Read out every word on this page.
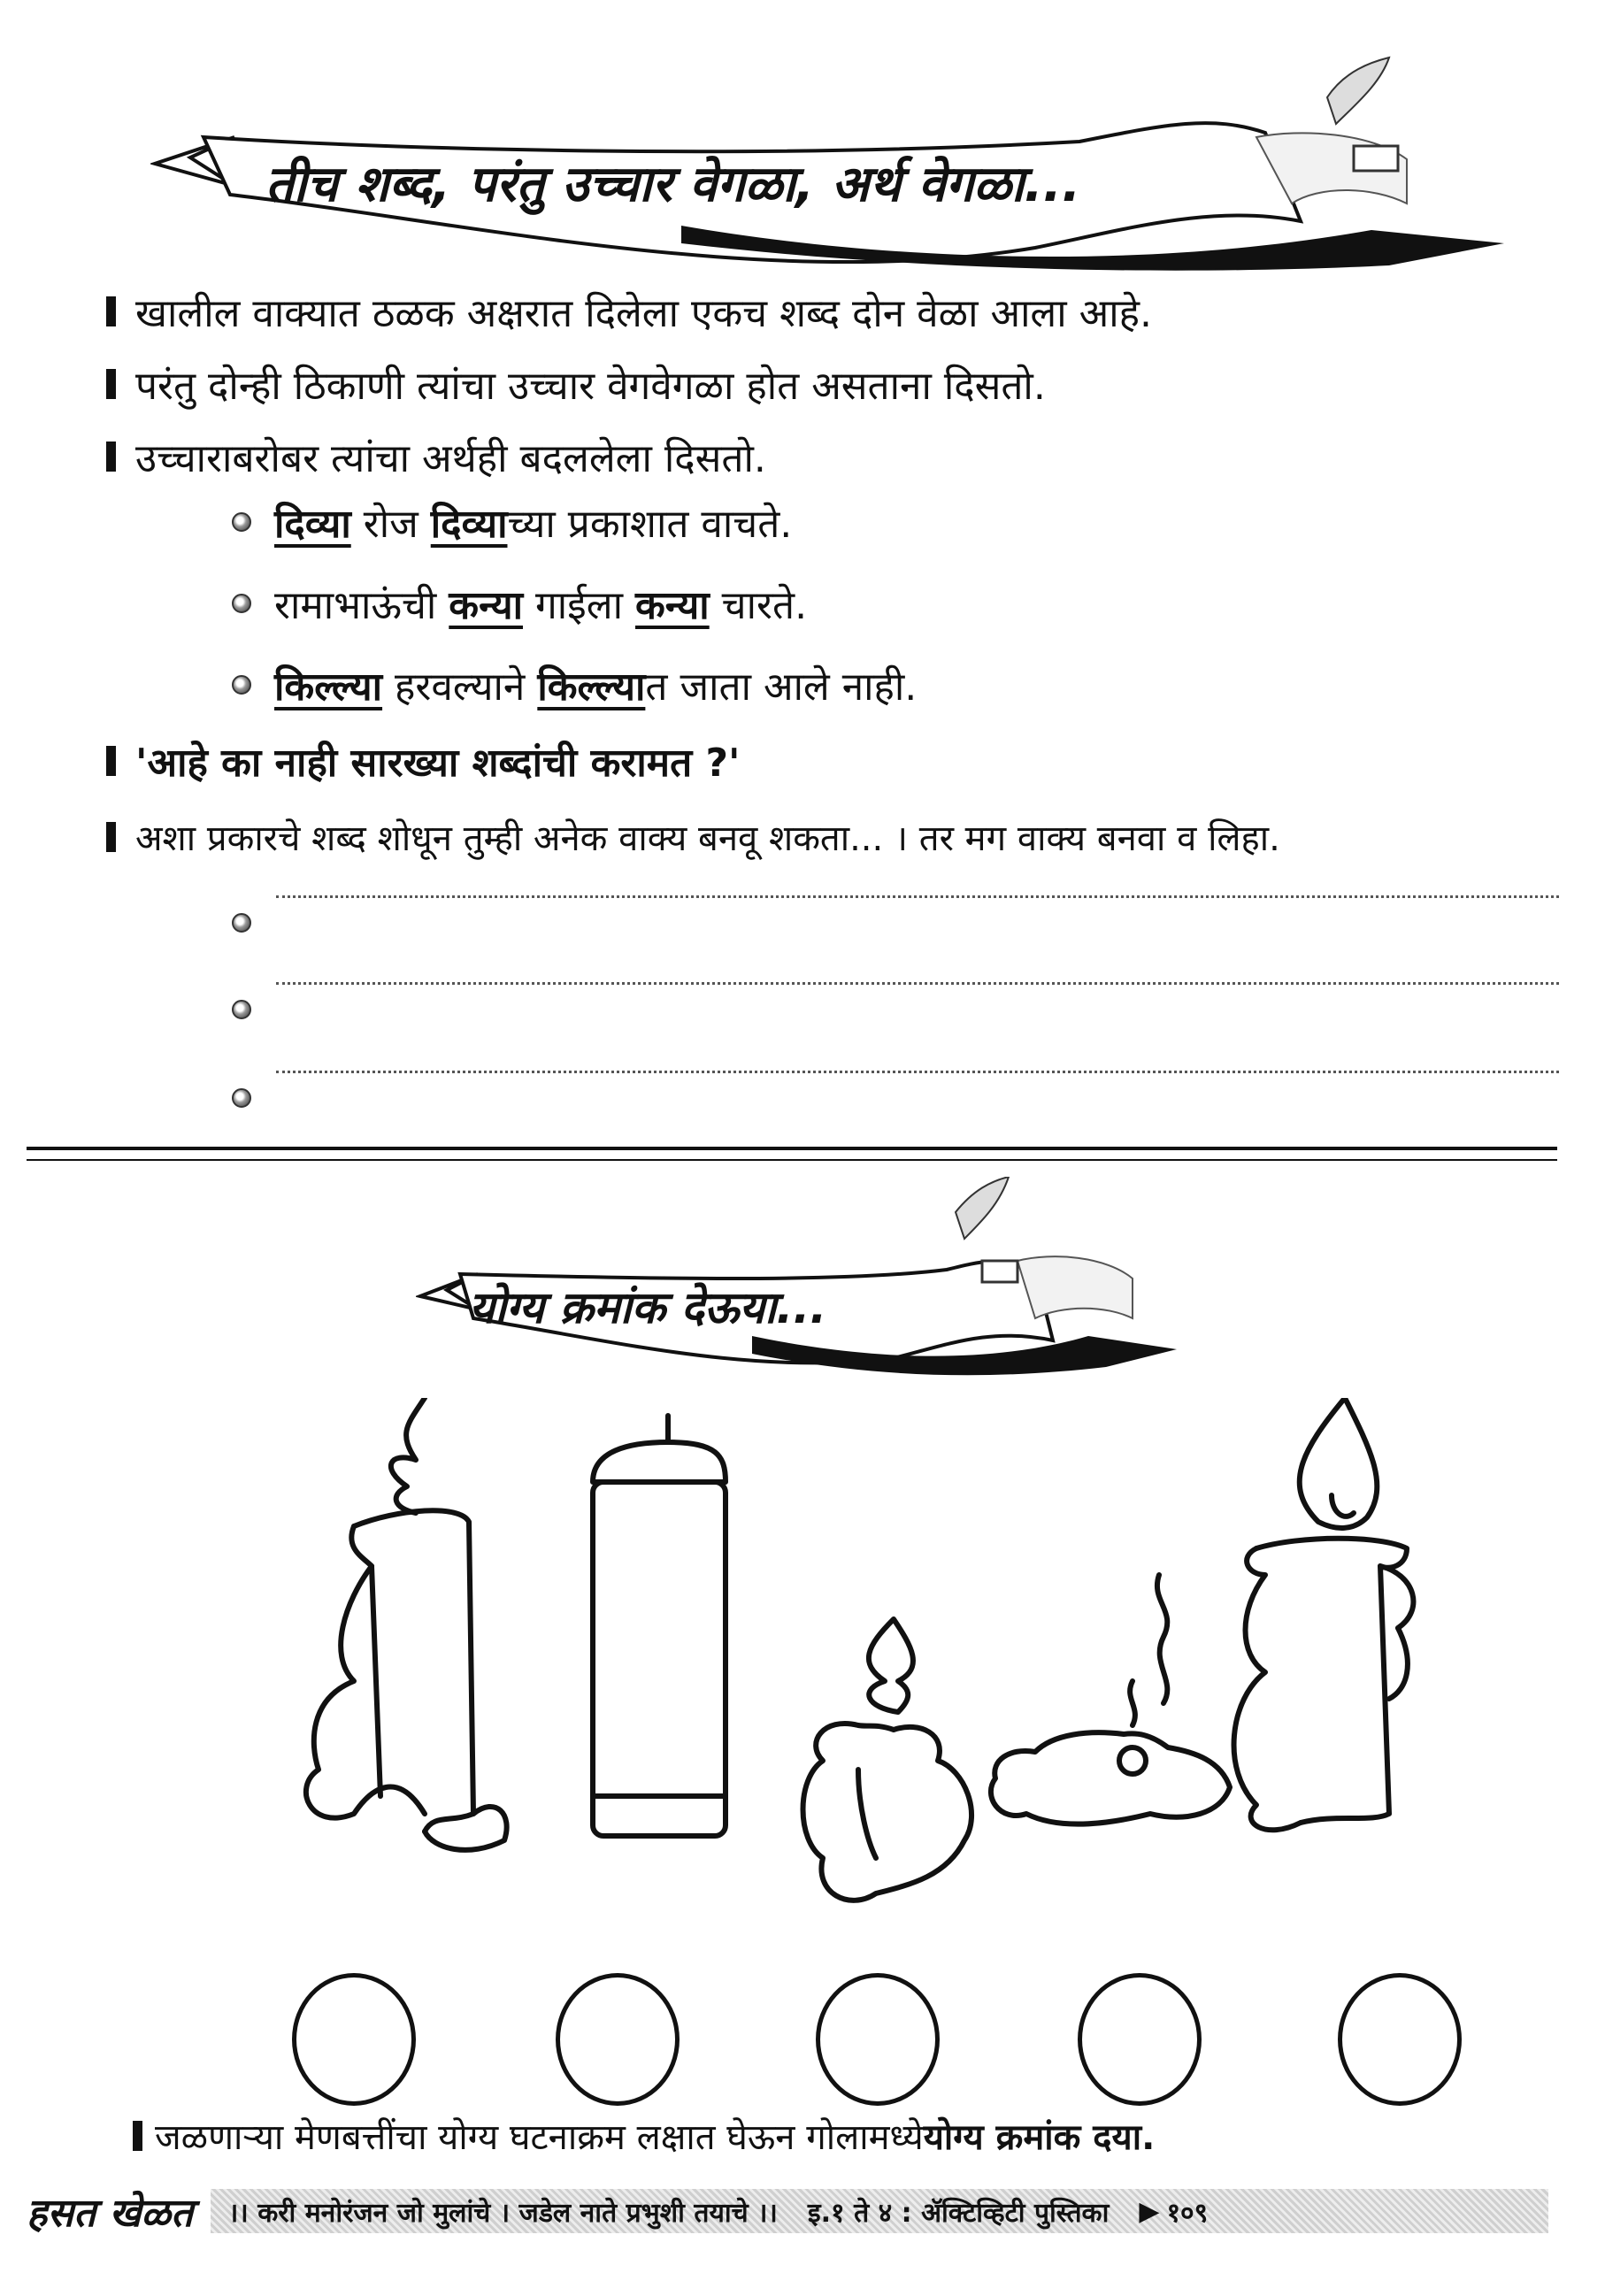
तीच शब्द, परंतु उच्चार वेगळा, अर्थ वेगळा...
खालील वाक्यात ठळक अक्षरात दिलेला एकच शब्द दोन वेळा आला आहे.
परंतु दोन्ही ठिकाणी त्यांचा उच्चार वेगवेगळा होत असताना दिसतो.
उच्चाराबरोबर त्यांचा अर्थही बदललेला दिसतो.
दिव्या रोज दिव्या च्या प्रकाशात वाचते.
रामाभाऊंची कन्या गाईला कन्या चारते.
किल्ल्या हरवल्याने किल्ल्या त जाता आले नाही.
'आहे का नाही सारख्या शब्दांची करामत ?'
अशा प्रकारचे शब्द शोधून तुम्ही अनेक वाक्य बनवू शकता... । तर मग वाक्य बनवा व लिहा.
योग्य क्रमांक देऊया...
जळणाऱ्या मेणबत्तींचा योग्य घटनाक्रम लक्षात घेऊन गोलामध्ये योग्य क्रमांक दया.
हसत खेळत ।। करी मनोरंजन जो मुलांचे । जडेल नाते प्रभुशी तयाचे ।। इ.१ ते ४ : ॲक्टिव्हिटी पुस्तिका ▶ १०९
